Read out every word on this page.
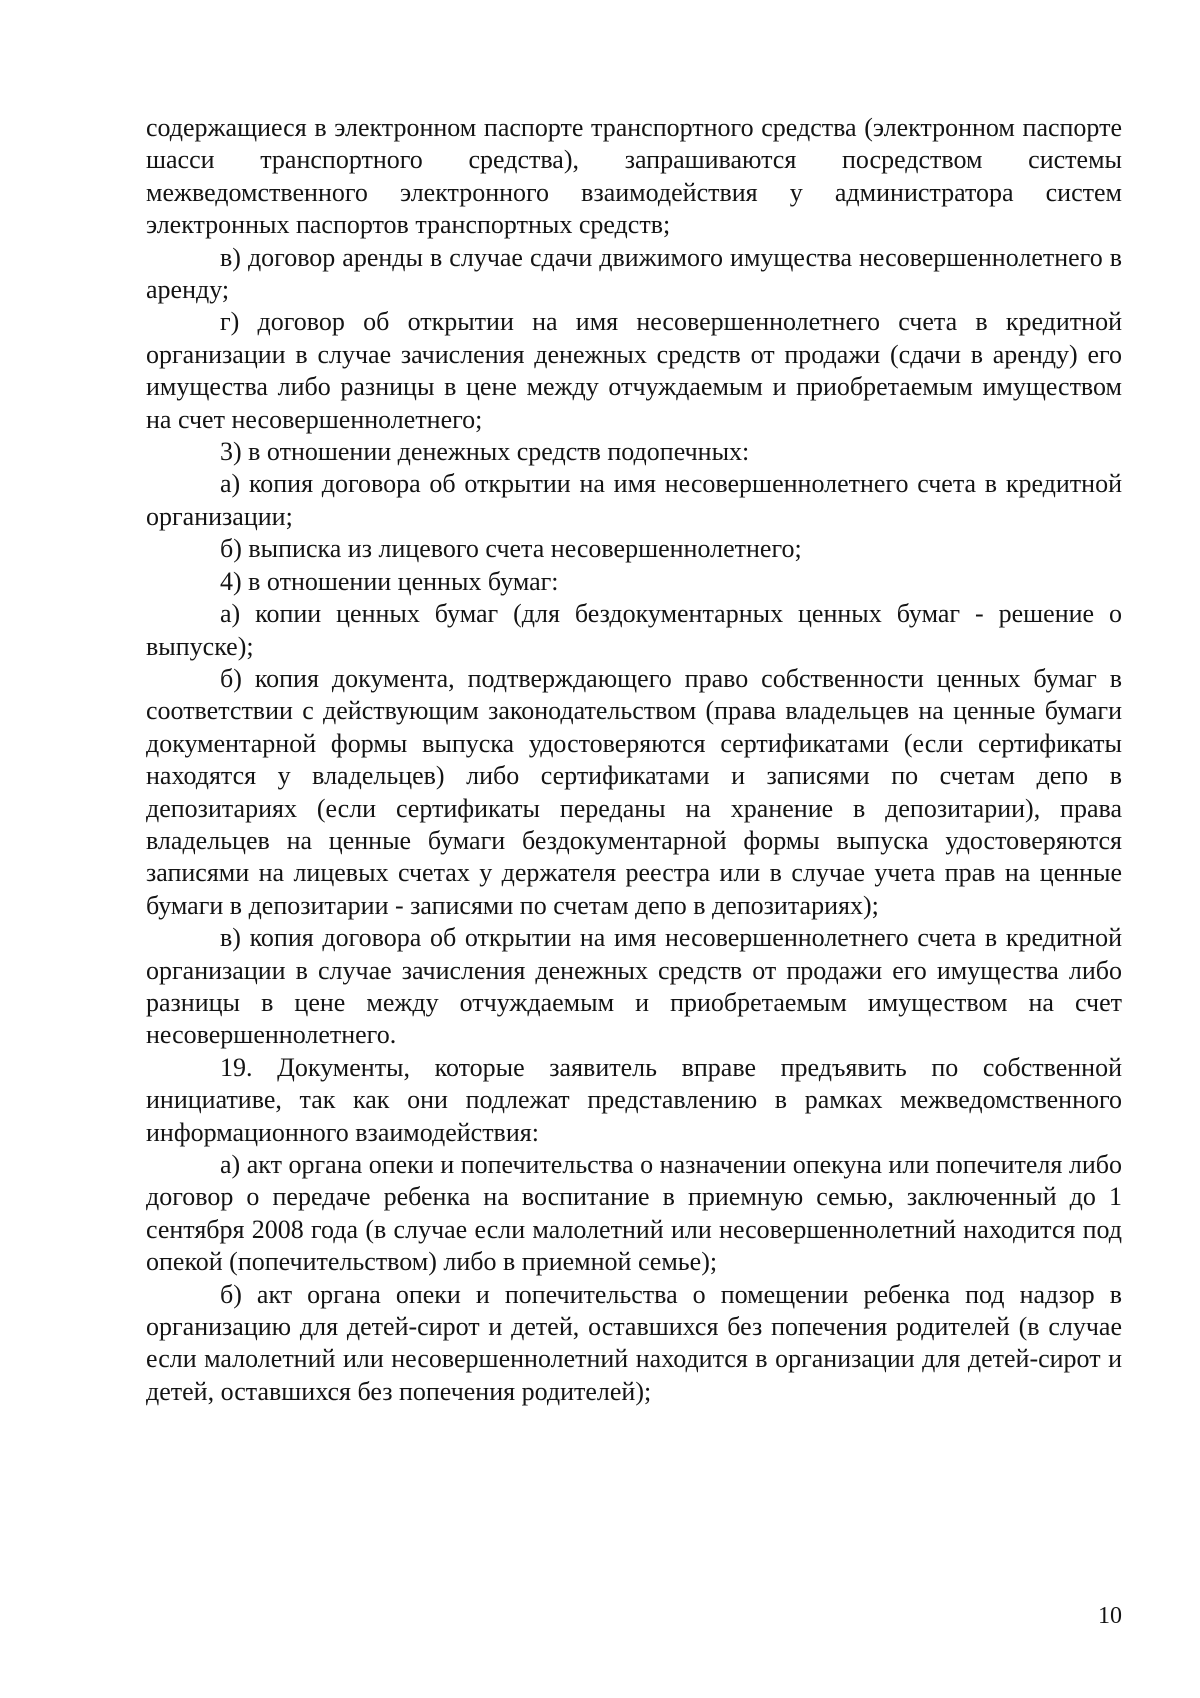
содержащиеся в электронном паспорте транспортного средства (электронном паспорте шасси транспортного средства), запрашиваются посредством системы межведомственного электронного взаимодействия у администратора систем электронных паспортов транспортных средств;

в) договор аренды в случае сдачи движимого имущества несовершеннолетнего в аренду;

г) договор об открытии на имя несовершеннолетнего счета в кредитной организации в случае зачисления денежных средств от продажи (сдачи в аренду) его имущества либо разницы в цене между отчуждаемым и приобретаемым имуществом на счет несовершеннолетнего;

3) в отношении денежных средств подопечных:

а) копия договора об открытии на имя несовершеннолетнего счета в кредитной организации;

б) выписка из лицевого счета несовершеннолетнего;

4) в отношении ценных бумаг:

а) копии ценных бумаг (для бездокументарных ценных бумаг - решение о выпуске);

б) копия документа, подтверждающего право собственности ценных бумаг в соответствии с действующим законодательством (права владельцев на ценные бумаги документарной формы выпуска удостоверяются сертификатами (если сертификаты находятся у владельцев) либо сертификатами и записями по счетам депо в депозитариях (если сертификаты переданы на хранение в депозитарии), права владельцев на ценные бумаги бездокументарной формы выпуска удостоверяются записями на лицевых счетах у держателя реестра или в случае учета прав на ценные бумаги в депозитарии - записями по счетам депо в депозитариях);

в) копия договора об открытии на имя несовершеннолетнего счета в кредитной организации в случае зачисления денежных средств от продажи его имущества либо разницы в цене между отчуждаемым и приобретаемым имуществом на счет несовершеннолетнего.

19. Документы, которые заявитель вправе предъявить по собственной инициативе, так как они подлежат представлению в рамках межведомственного информационного взаимодействия:

а) акт органа опеки и попечительства о назначении опекуна или попечителя либо договор о передаче ребенка на воспитание в приемную семью, заключенный до 1 сентября 2008 года (в случае если малолетний или несовершеннолетний находится под опекой (попечительством) либо в приемной семье);

б) акт органа опеки и попечительства о помещении ребенка под надзор в организацию для детей-сирот и детей, оставшихся без попечения родителей (в случае если малолетний или несовершеннолетний находится в организации для детей-сирот и детей, оставшихся без попечения родителей);

10
